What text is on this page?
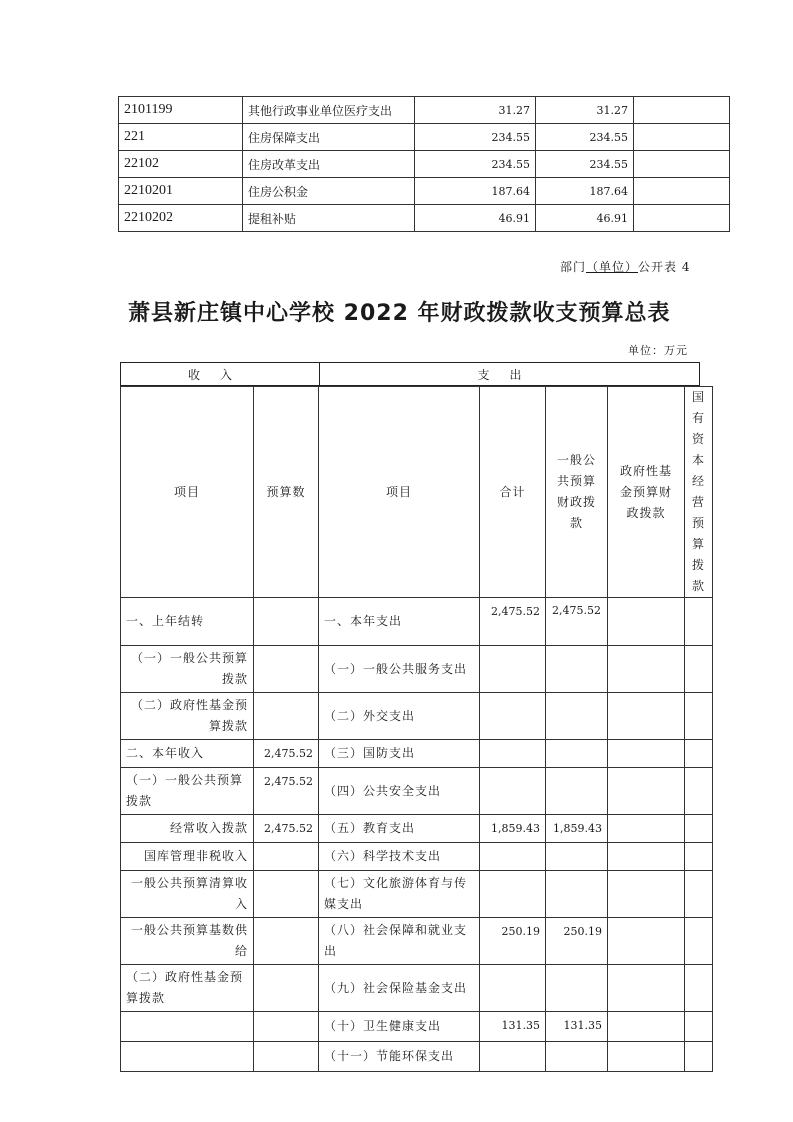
2101199	其他行政事业单位医疗支出	31.27	31.27	
221	住房保障支出	234.55	234.55	
22102	住房改革支出	234.55	234.55	
2210201	住房公积金	187.64	187.64	
2210202	提租补贴	46.91	46.91	
部门（单位）公开表 4
萧县新庄镇中心学校 2022 年财政拨款收支预算总表
单位：万元
收入	支出
项目	预算数	项目	合计	一般公共预算财政拨款	政府性基金预算财政拨款	国有资本经营预算拨款
一、上年结转		一、本年支出	2,475.52	2,475.52		
（一）一般公共预算拨款		（一）一般公共服务支出				
（二）政府性基金预算拨款		（二）外交支出				
二、本年收入	2,475.52	（三）国防支出				
（一）一般公共预算拨款	2,475.52	（四）公共安全支出				
经常收入拨款	2,475.52	（五）教育支出	1,859.43	1,859.43		
国库管理非税收入		（六）科学技术支出				
一般公共预算清算收入		（七）文化旅游体育与传媒支出				
一般公共预算基数供给		（八）社会保障和就业支出	250.19	250.19		
（二）政府性基金预算拨款		（九）社会保险基金支出				
		（十）卫生健康支出	131.35	131.35		
		（十一）节能环保支出				
